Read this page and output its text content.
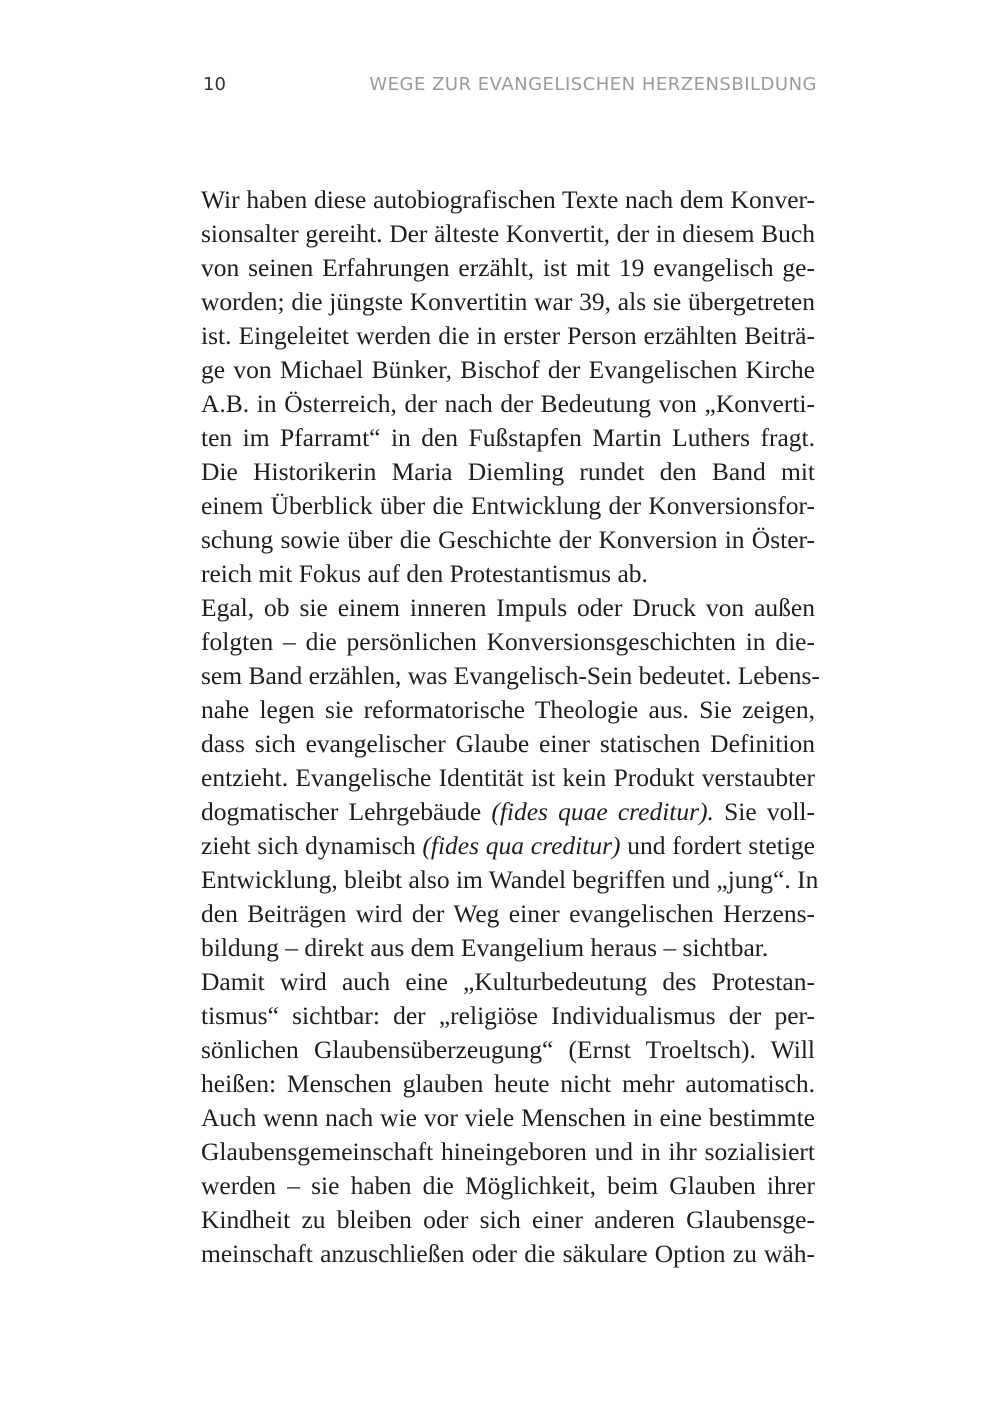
10	WEGE ZUR EVANGELISCHEN HERZENSBILDUNG
Wir haben diese autobiografischen Texte nach dem Konver-
sionsalter gereiht. Der älteste Konvertit, der in diesem Buch
von seinen Erfahrungen erzählt, ist mit 19 evangelisch ge-
worden; die jüngste Konvertitin war 39, als sie übergetreten
ist. Eingeleitet werden die in erster Person erzählten Beiträ-
ge von Michael Bünker, Bischof der Evangelischen Kirche
A.B. in Österreich, der nach der Bedeutung von „Konverti-
ten im Pfarramt“ in den Fußstapfen Martin Luthers fragt.
Die Historikerin Maria Diemling rundet den Band mit
einem Überblick über die Entwicklung der Konversionsfor-
schung sowie über die Geschichte der Konversion in Öster-
reich mit Fokus auf den Protestantismus ab.
Egal, ob sie einem inneren Impuls oder Druck von außen
folgten – die persönlichen Konversionsgeschichten in die-
sem Band erzählen, was Evangelisch-Sein bedeutet. Lebens-
nahe legen sie reformatorische Theologie aus. Sie zeigen,
dass sich evangelischer Glaube einer statischen Definition
entzieht. Evangelische Identität ist kein Produkt verstaubter
dogmatischer Lehrgebäude (fides quae creditur). Sie voll-
zieht sich dynamisch (fides qua creditur) und fordert stetige
Entwicklung, bleibt also im Wandel begriffen und „jung“. In
den Beiträgen wird der Weg einer evangelischen Herzens-
bildung – direkt aus dem Evangelium heraus – sichtbar.
Damit wird auch eine „Kulturbedeutung des Protestan-
tismus“ sichtbar: der „religiöse Individualismus der per-
sönlichen Glaubensüberzeugung“ (Ernst Troeltsch). Will
heißen: Menschen glauben heute nicht mehr automatisch.
Auch wenn nach wie vor viele Menschen in eine bestimmte
Glaubensgemeinschaft hineingeboren und in ihr sozialisiert
werden – sie haben die Möglichkeit, beim Glauben ihrer
Kindheit zu bleiben oder sich einer anderen Glaubensge-
meinschaft anzuschließen oder die säkulare Option zu wäh-
